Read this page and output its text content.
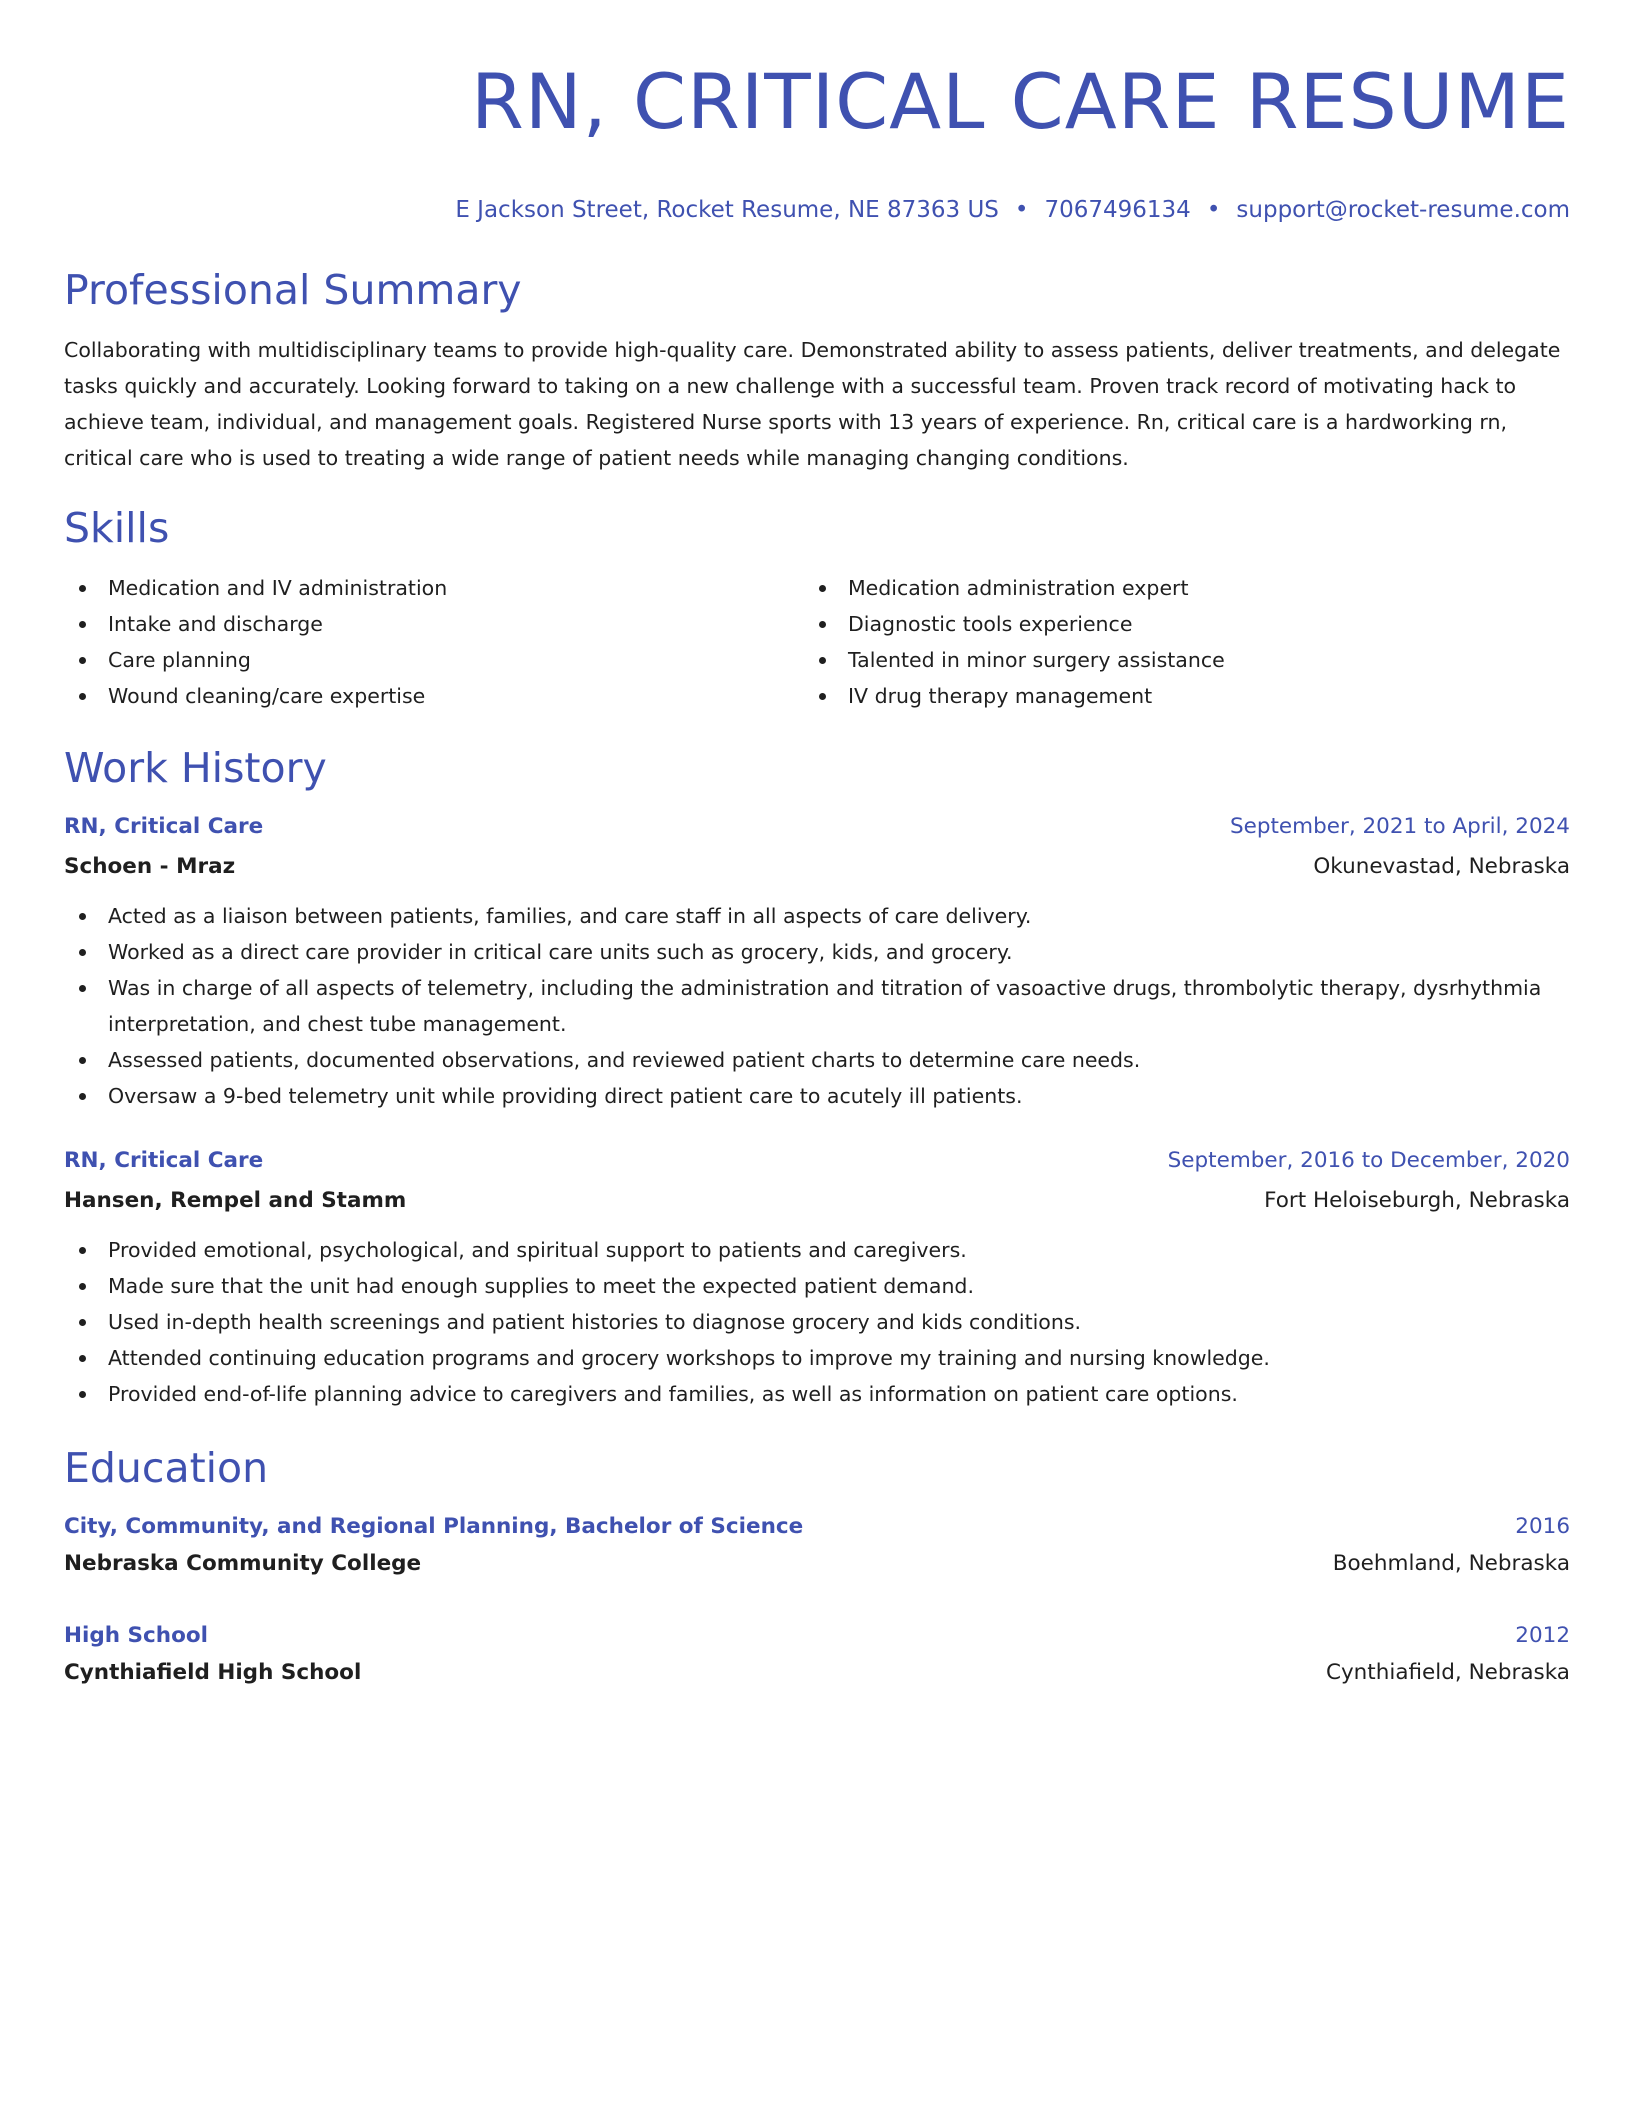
RN, CRITICAL CARE RESUME
E Jackson Street, Rocket Resume, NE 87363 US • 7067496134 • support@rocket-resume.com
Professional Summary

Collaborating with multidisciplinary teams to provide high-quality care. Demonstrated ability to assess patients, deliver treatments, and delegate tasks quickly and accurately. Looking forward to taking on a new challenge with a successful team. Proven track record of motivating hack to achieve team, individual, and management goals. Registered Nurse sports with 13 years of experience. Rn, critical care is a hardworking rn, critical care who is used to treating a wide range of patient needs while managing changing conditions.

Skills
Medication and IV administration
Intake and discharge
Care planning
Wound cleaning/care expertise
Medication administration expert
Diagnostic tools experience
Talented in minor surgery assistance
IV drug therapy management
Work History
RN, Critical Care	September, 2021 to April, 2024
Schoen - Mraz	Okunevastad, Nebraska
Acted as a liaison between patients, families, and care staff in all aspects of care delivery.
Worked as a direct care provider in critical care units such as grocery, kids, and grocery.
Was in charge of all aspects of telemetry, including the administration and titration of vasoactive drugs, thrombolytic therapy, dysrhythmia interpretation, and chest tube management.
Assessed patients, documented observations, and reviewed patient charts to determine care needs.
Oversaw a 9-bed telemetry unit while providing direct patient care to acutely ill patients.
RN, Critical Care	September, 2016 to December, 2020
Hansen, Rempel and Stamm	Fort Heloiseburgh, Nebraska
Provided emotional, psychological, and spiritual support to patients and caregivers.
Made sure that the unit had enough supplies to meet the expected patient demand.
Used in-depth health screenings and patient histories to diagnose grocery and kids conditions.
Attended continuing education programs and grocery workshops to improve my training and nursing knowledge.
Provided end-of-life planning advice to caregivers and families, as well as information on patient care options.
Education
City, Community, and Regional Planning, Bachelor of Science	2016
Nebraska Community College	Boehmland, Nebraska
High School	2012
Cynthiafield High School	Cynthiafield, Nebraska
